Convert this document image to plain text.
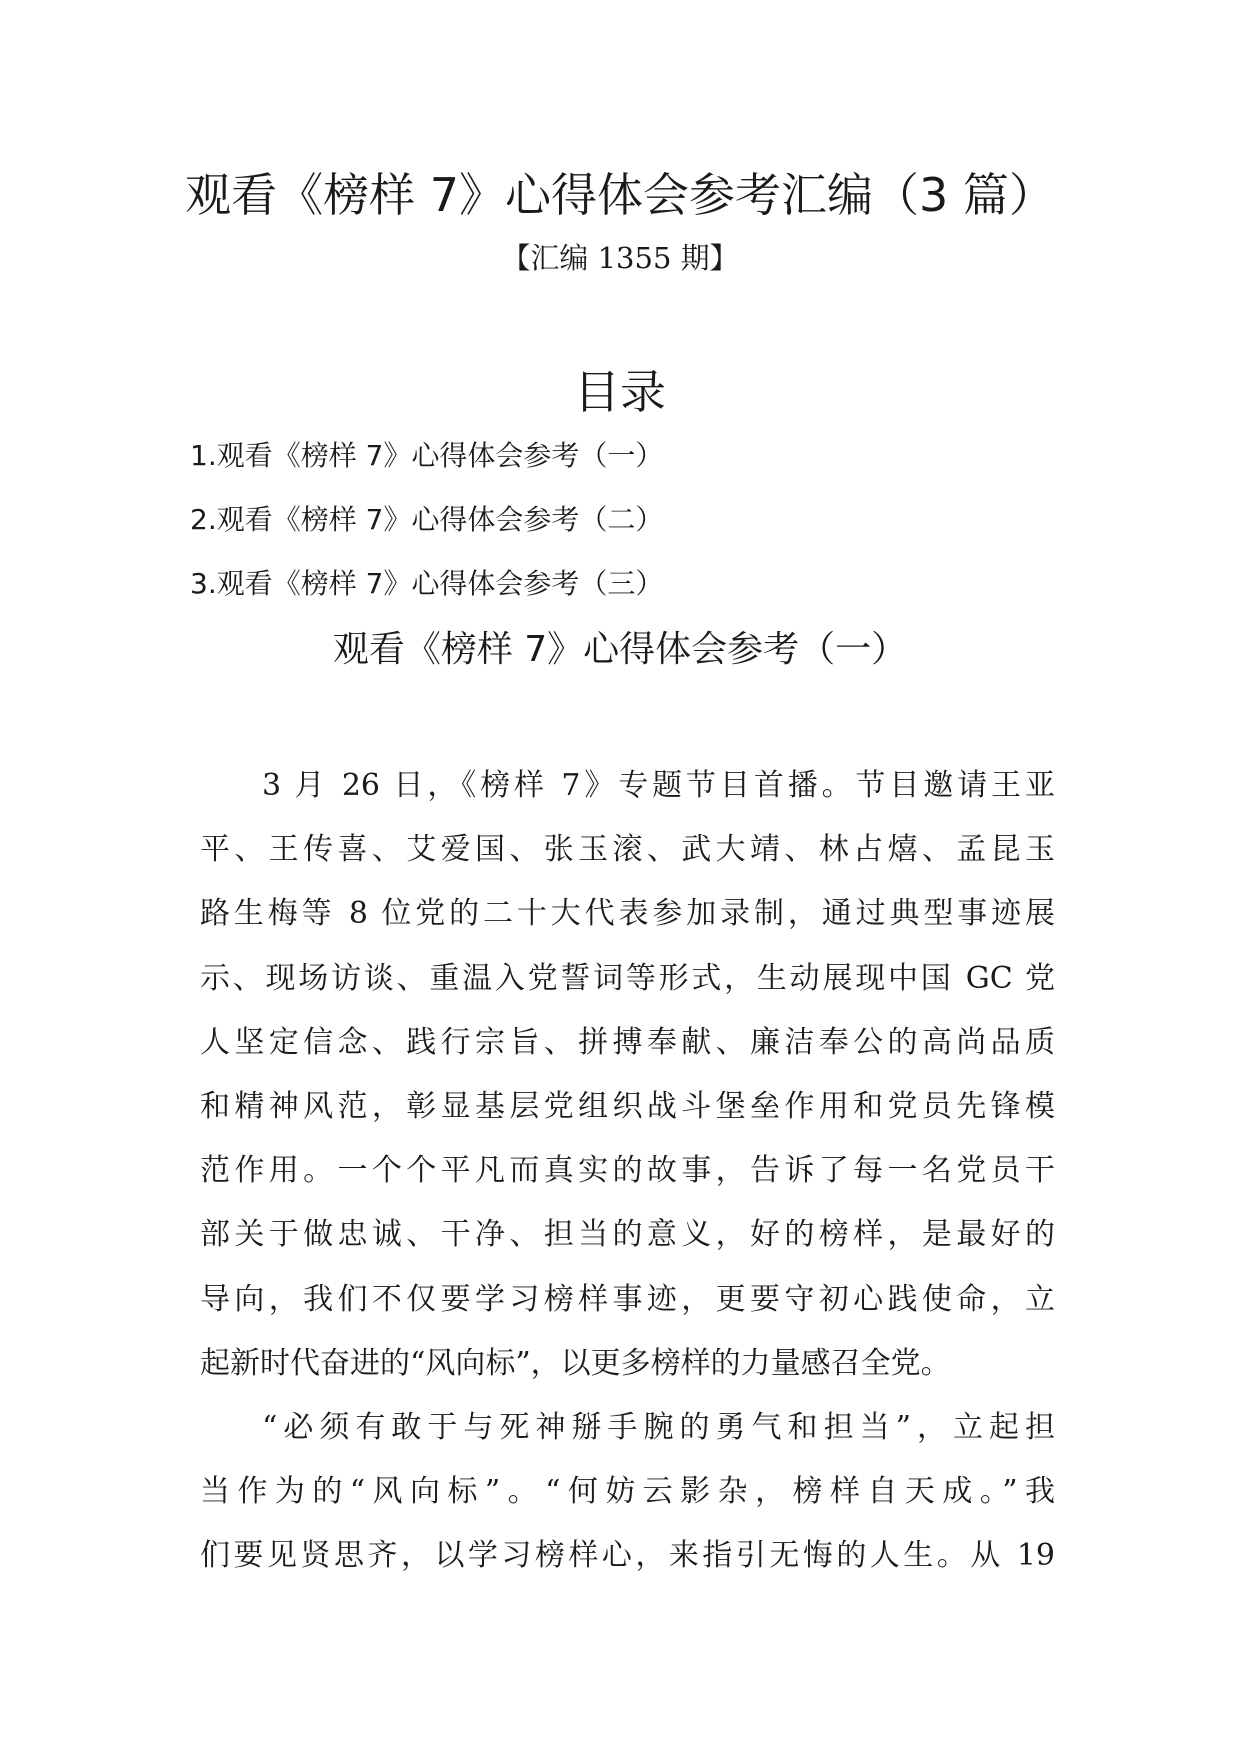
观看《榜样 7》心得体会参考汇编（3 篇）
【汇编 1355 期】
目录
1.观看《榜样 7》心得体会参考（一）
2.观看《榜样 7》心得体会参考（二）
3.观看《榜样 7》心得体会参考（三）
观看《榜样 7》心得体会参考（一）

3 月 26 日，《榜样 7》专题节目首播。节目邀请王亚
平、王传喜、艾爱国、张玉滚、武大靖、林占熺、孟昆玉
路生梅等 8 位党的二十大代表参加录制，通过典型事迹展
示、现场访谈、重温入党誓词等形式，生动展现中国 GC 党
人坚定信念、践行宗旨、拼搏奉献、廉洁奉公的高尚品质
和精神风范，彰显基层党组织战斗堡垒作用和党员先锋模
范作用。一个个平凡而真实的故事，告诉了每一名党员干
部关于做忠诚、干净、担当的意义，好的榜样，是最好的
导向，我们不仅要学习榜样事迹，更要守初心践使命，立
起新时代奋进的“风向标”，以更多榜样的力量感召全党。

“必须有敢于与死神掰手腕的勇气和担当”，立起担
当作为的“风向标”。“何妨云影杂，榜样自天成。”我
们要见贤思齐，以学习榜样心，来指引无悔的人生。从 19
